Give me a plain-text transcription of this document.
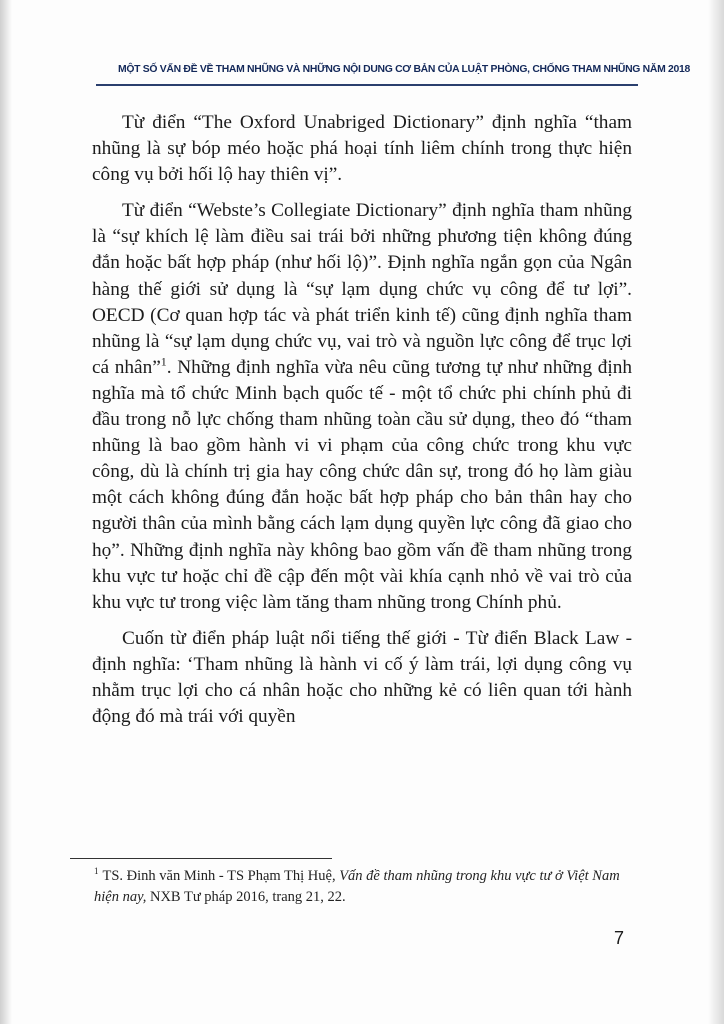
MỘT SỐ VẤN ĐỀ VỀ THAM NHŨNG VÀ NHỮNG NỘI DUNG CƠ BẢN CỦA LUẬT PHÒNG, CHỐNG THAM NHŨNG NĂM 2018

Từ điển “The Oxford Unabriged Dictionary” định nghĩa “tham nhũng là sự bóp méo hoặc phá hoại tính liêm chính trong thực hiện công vụ bởi hối lộ hay thiên vị”.

Từ điển “Webste’s Collegiate Dictionary” định nghĩa tham nhũng là “sự khích lệ làm điều sai trái bởi những phương tiện không đúng đắn hoặc bất hợp pháp (như hối lộ)”. Định nghĩa ngắn gọn của Ngân hàng thế giới sử dụng là “sự lạm dụng chức vụ công để tư lợi”. OECD (Cơ quan hợp tác và phát triển kinh tế) cũng định nghĩa tham nhũng là “sự lạm dụng chức vụ, vai trò và nguồn lực công để trục lợi cá nhân”$^1$. Những định nghĩa vừa nêu cũng tương tự như những định nghĩa mà tổ chức Minh bạch quốc tế - một tổ chức phi chính phủ đi đầu trong nỗ lực chống tham nhũng toàn cầu sử dụng, theo đó “tham nhũng là bao gồm hành vi vi phạm của công chức trong khu vực công, dù là chính trị gia hay công chức dân sự, trong đó họ làm giàu một cách không đúng đắn hoặc bất hợp pháp cho bản thân hay cho người thân của mình bằng cách lạm dụng quyền lực công đã giao cho họ”. Những định nghĩa này không bao gồm vấn đề tham nhũng trong khu vực tư hoặc chỉ đề cập đến một vài khía cạnh nhỏ về vai trò của khu vực tư trong việc làm tăng tham nhũng trong Chính phủ.

Cuốn từ điển pháp luật nổi tiếng thế giới - Từ điển Black Law - định nghĩa: ‘Tham nhũng là hành vi cố ý làm trái, lợi dụng công vụ nhằm trục lợi cho cá nhân hoặc cho những kẻ có liên quan tới hành động đó mà trái với quyền

$^1$ TS. Đinh văn Minh - TS Phạm Thị Huệ, Vấn đề tham nhũng trong khu vực tư ở Việt Nam hiện nay, NXB Tư pháp 2016, trang 21, 22.
7
